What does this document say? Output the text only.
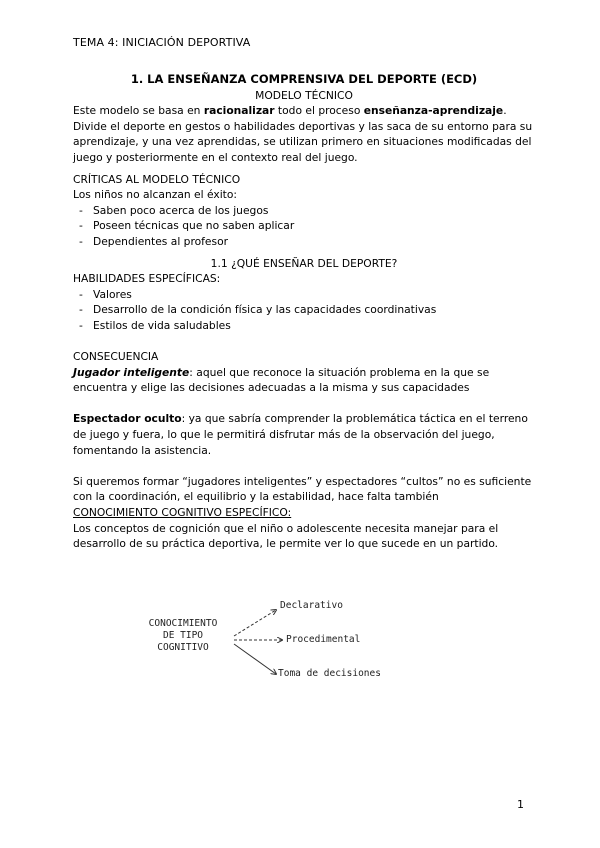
TEMA 4: INICIACIÓN DEPORTIVA

1. LA ENSEÑANZA COMPRENSIVA DEL DEPORTE (ECD)

MODELO TÉCNICO

Este modelo se basa en racionalizar todo el proceso enseñanza-aprendizaje.

Divide el deporte en gestos o habilidades deportivas y las saca de su entorno para su aprendizaje, y una vez aprendidas, se utilizan primero en situaciones modificadas del juego y posteriormente en el contexto real del juego.

CRÍTICAS AL MODELO TÉCNICO

Los niños no alcanzan el éxito:

- Saben poco acerca de los juegos
- Poseen técnicas que no saben aplicar
- Dependientes al profesor

1.1 ¿QUÉ ENSEÑAR DEL DEPORTE?

HABILIDADES ESPECÍFICAS:

- Valores
- Desarrollo de la condición física y las capacidades coordinativas
- Estilos de vida saludables

CONSECUENCIA

Jugador inteligente: aquel que reconoce la situación problema en la que se encuentra y elige las decisiones adecuadas a la misma y sus capacidades

Espectador oculto: ya que sabría comprender la problemática táctica en el terreno de juego y fuera, lo que le permitirá disfrutar más de la observación del juego, fomentando la asistencia.

Si queremos formar “jugadores inteligentes” y espectadores “cultos” no es suficiente con la coordinación, el equilibrio y la estabilidad, hace falta también

CONOCIMIENTO COGNITIVO ESPECÍFICO:

Los conceptos de cognición que el niño o adolescente necesita manejar para el desarrollo de su práctica deportiva, le permite ver lo que sucede en un partido.

CONOCIMIENTO
DE TIPO
COGNITIVO
Declarativo
Procedimental
Toma de decisiones
1
